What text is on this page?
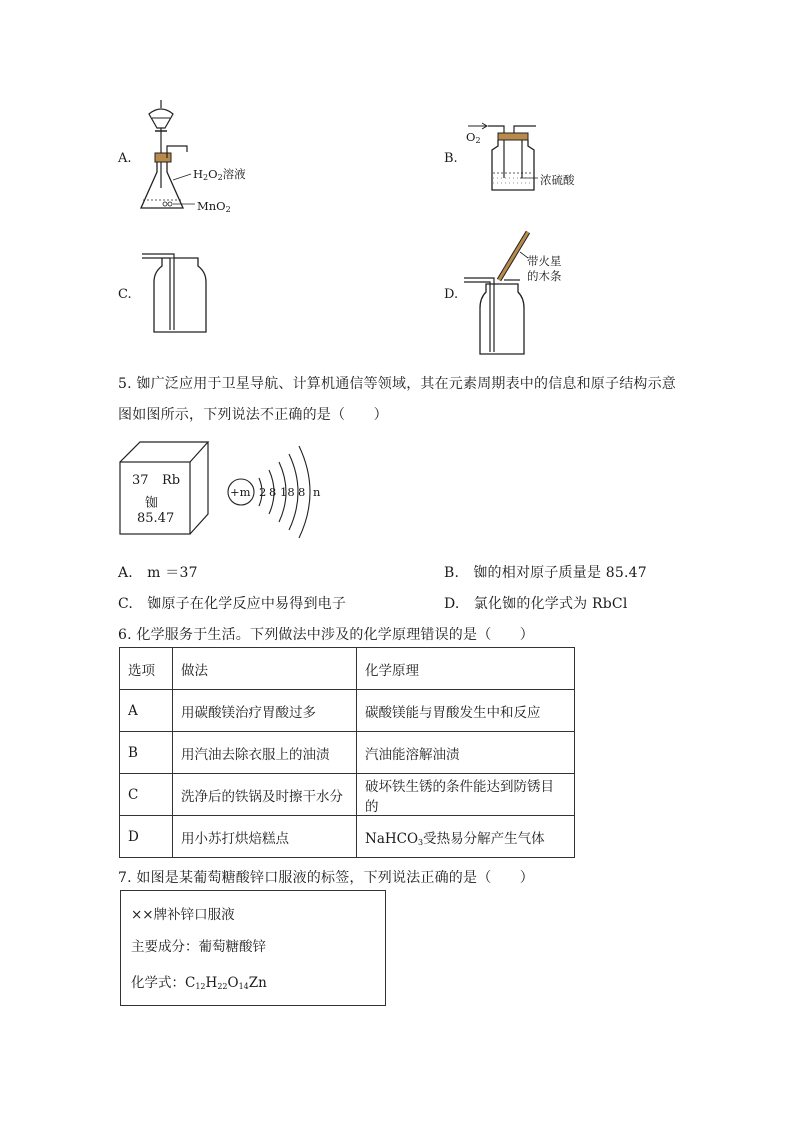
A.
$H_2O_2$溶液
MnO$_2$
B.
$O_2$
浓硫酸
C.	D.
带火星
的木条
5. 铷广泛应用于卫星导航、计算机通信等领域，其在元素周期表中的信息和原子结构示意
图如图所示，下列说法不正确的是（　　）
37 Rb
铷
85.47
+m 2 8 18 8 n
A.　m ＝37	B.　铷的相对原子质量是 85.47
C.　铷原子在化学反应中易得到电子	D.　氯化铷的化学式为 RbCl
6. 化学服务于生活。下列做法中涉及的化学原理错误的是（　　）
选项	做法	化学原理
A	用碳酸镁治疗胃酸过多	碳酸镁能与胃酸发生中和反应
B	用汽油去除衣服上的油渍	汽油能溶解油渍
C	洗净后的铁锅及时擦干水分	破坏铁生锈的条件能达到防锈目的
D	用小苏打烘焙糕点	NaHCO$_3$受热易分解产生气体
7. 如图是某葡萄糖酸锌口服液的标签，下列说法正确的是（　　）
××牌补锌口服液
主要成分：葡萄糖酸锌
化学式：$C_{12}H_{22}O_{14}Zn$
